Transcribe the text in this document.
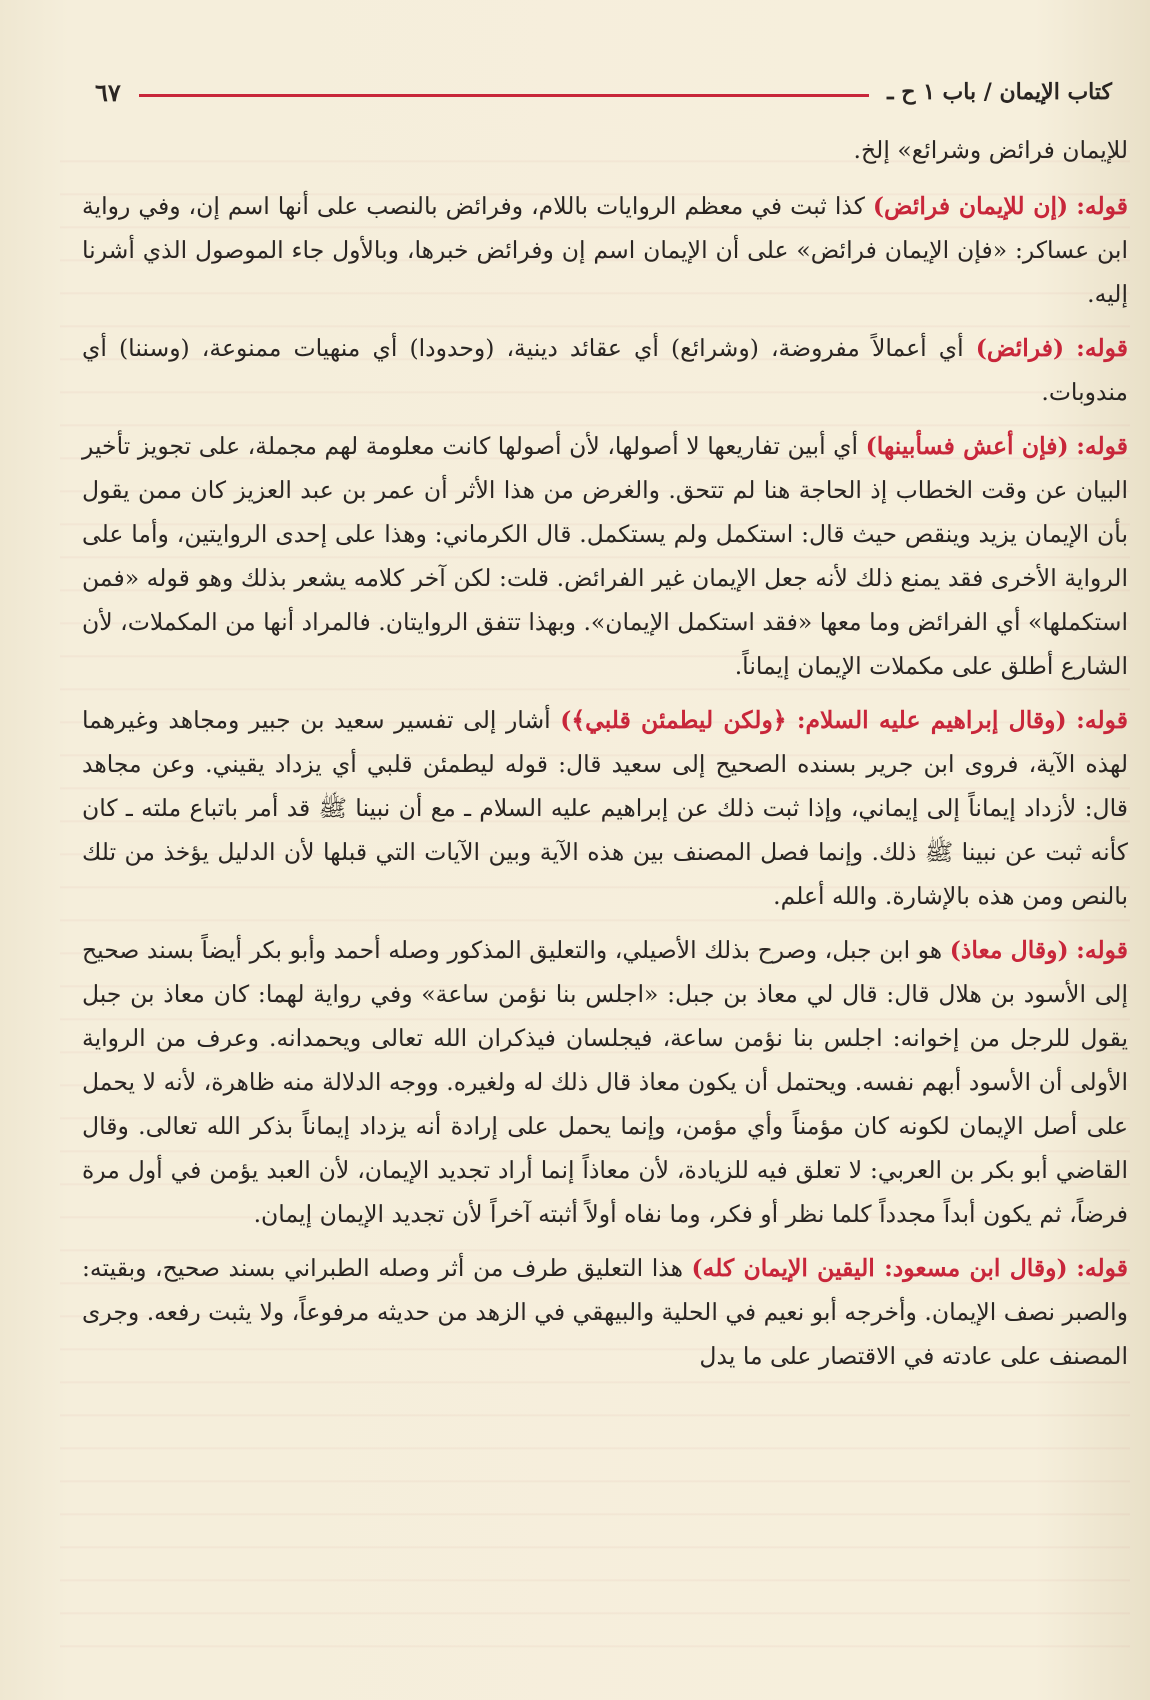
كتاب الإيمان / باب ١ ح ـ
٦٧

للإيمان فرائض وشرائع» إلخ.

قوله: (إن للإيمان فرائض) كذا ثبت في معظم الروايات باللام، وفرائض بالنصب على أنها اسم إن، وفي رواية ابن عساكر: «فإن الإيمان فرائض» على أن الإيمان اسم إن وفرائض خبرها، وبالأول جاء الموصول الذي أشرنا إليه.

قوله: (فرائض) أي أعمالاً مفروضة، (وشرائع) أي عقائد دينية، (وحدودا) أي منهيات ممنوعة، (وسننا) أي مندوبات.

قوله: (فإن أعش فسأبينها) أي أبين تفاريعها لا أصولها، لأن أصولها كانت معلومة لهم مجملة، على تجويز تأخير البيان عن وقت الخطاب إذ الحاجة هنا لم تتحق. والغرض من هذا الأثر أن عمر بن عبد العزيز كان ممن يقول بأن الإيمان يزيد وينقص حيث قال: استكمل ولم يستكمل. قال الكرماني: وهذا على إحدى الروايتين، وأما على الرواية الأخرى فقد يمنع ذلك لأنه جعل الإيمان غير الفرائض. قلت: لكن آخر كلامه يشعر بذلك وهو قوله «فمن استكملها» أي الفرائض وما معها «فقد استكمل الإيمان». وبهذا تتفق الروايتان. فالمراد أنها من المكملات، لأن الشارع أطلق على مكملات الإيمان إيماناً.

قوله: (وقال إبراهيم عليه السلام: ﴿ولكن ليطمئن قلبي﴾) أشار إلى تفسير سعيد بن جبير ومجاهد وغيرهما لهذه الآية، فروى ابن جرير بسنده الصحيح إلى سعيد قال: قوله ليطمئن قلبي أي يزداد يقيني. وعن مجاهد قال: لأزداد إيماناً إلى إيماني، وإذا ثبت ذلك عن إبراهيم عليه السلام ـ مع أن نبينا ﷺ قد أمر باتباع ملته ـ كان كأنه ثبت عن نبينا ﷺ ذلك. وإنما فصل المصنف بين هذه الآية وبين الآيات التي قبلها لأن الدليل يؤخذ من تلك بالنص ومن هذه بالإشارة. والله أعلم.

قوله: (وقال معاذ) هو ابن جبل، وصرح بذلك الأصيلي، والتعليق المذكور وصله أحمد وأبو بكر أيضاً بسند صحيح إلى الأسود بن هلال قال: قال لي معاذ بن جبل: «اجلس بنا نؤمن ساعة» وفي رواية لهما: كان معاذ بن جبل يقول للرجل من إخوانه: اجلس بنا نؤمن ساعة، فيجلسان فيذكران الله تعالى ويحمدانه. وعرف من الرواية الأولى أن الأسود أبهم نفسه. ويحتمل أن يكون معاذ قال ذلك له ولغيره. ووجه الدلالة منه ظاهرة، لأنه لا يحمل على أصل الإيمان لكونه كان مؤمناً وأي مؤمن، وإنما يحمل على إرادة أنه يزداد إيماناً بذكر الله تعالى. وقال القاضي أبو بكر بن العربي: لا تعلق فيه للزيادة، لأن معاذاً إنما أراد تجديد الإيمان، لأن العبد يؤمن في أول مرة فرضاً، ثم يكون أبداً مجدداً كلما نظر أو فكر، وما نفاه أولاً أثبته آخراً لأن تجديد الإيمان إيمان.

قوله: (وقال ابن مسعود: اليقين الإيمان كله) هذا التعليق طرف من أثر وصله الطبراني بسند صحيح، وبقيته: والصبر نصف الإيمان. وأخرجه أبو نعيم في الحلية والبيهقي في الزهد من حديثه مرفوعاً، ولا يثبت رفعه. وجرى المصنف على عادته في الاقتصار على ما يدل
